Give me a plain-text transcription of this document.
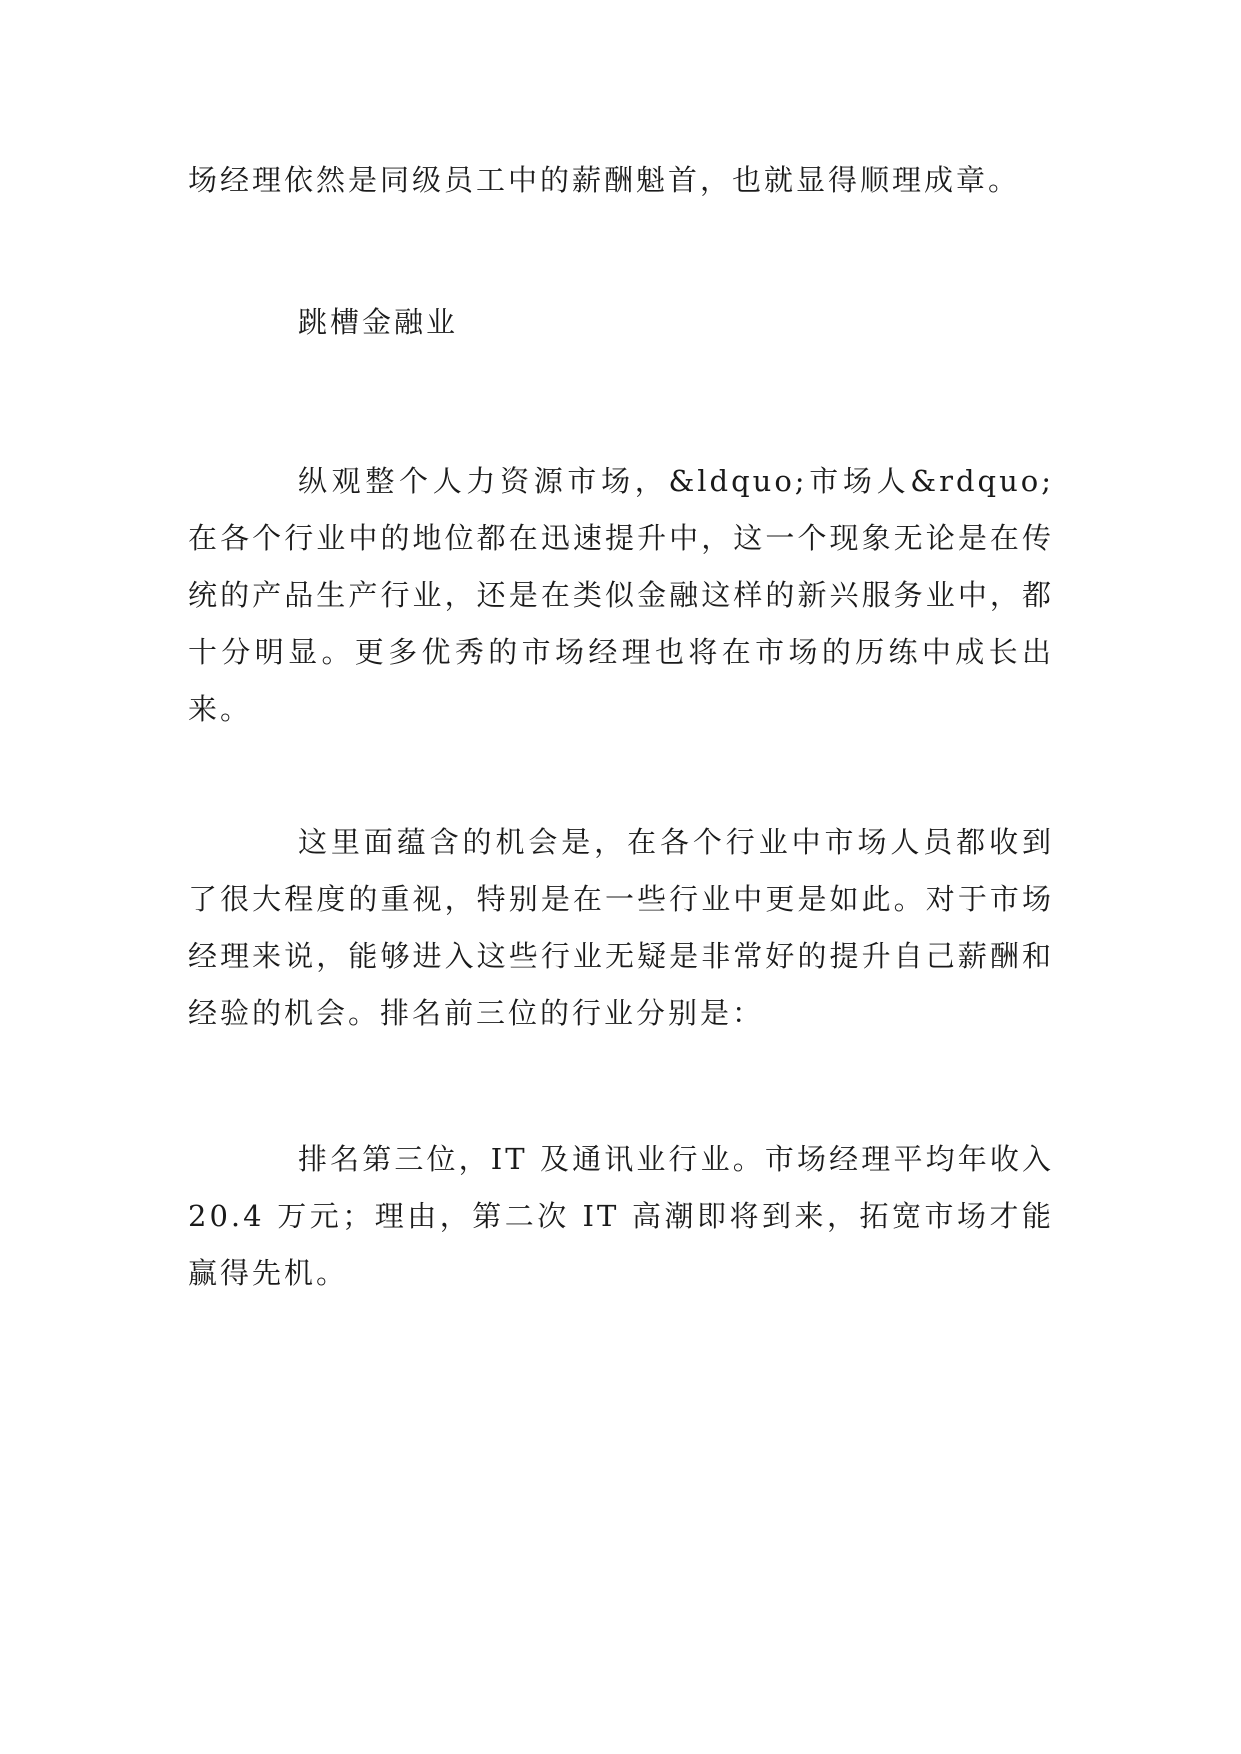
场经理依然是同级员工中的薪酬魁首，也就显得顺理成章。

跳槽金融业

纵观整个人力资源市场，&ldquo;市场人&rdquo;在各个行业中的地位都在迅速提升中，这一个现象无论是在传统的产品生产行业，还是在类似金融这样的新兴服务业中，都十分明显。更多优秀的市场经理也将在市场的历练中成长出来。

这里面蕴含的机会是，在各个行业中市场人员都收到了很大程度的重视，特别是在一些行业中更是如此。对于市场经理来说，能够进入这些行业无疑是非常好的提升自己薪酬和经验的机会。排名前三位的行业分别是：

排名第三位，IT 及通讯业行业。市场经理平均年收入 20.4 万元；理由，第二次 IT 高潮即将到来，拓宽市场才能赢得先机。
